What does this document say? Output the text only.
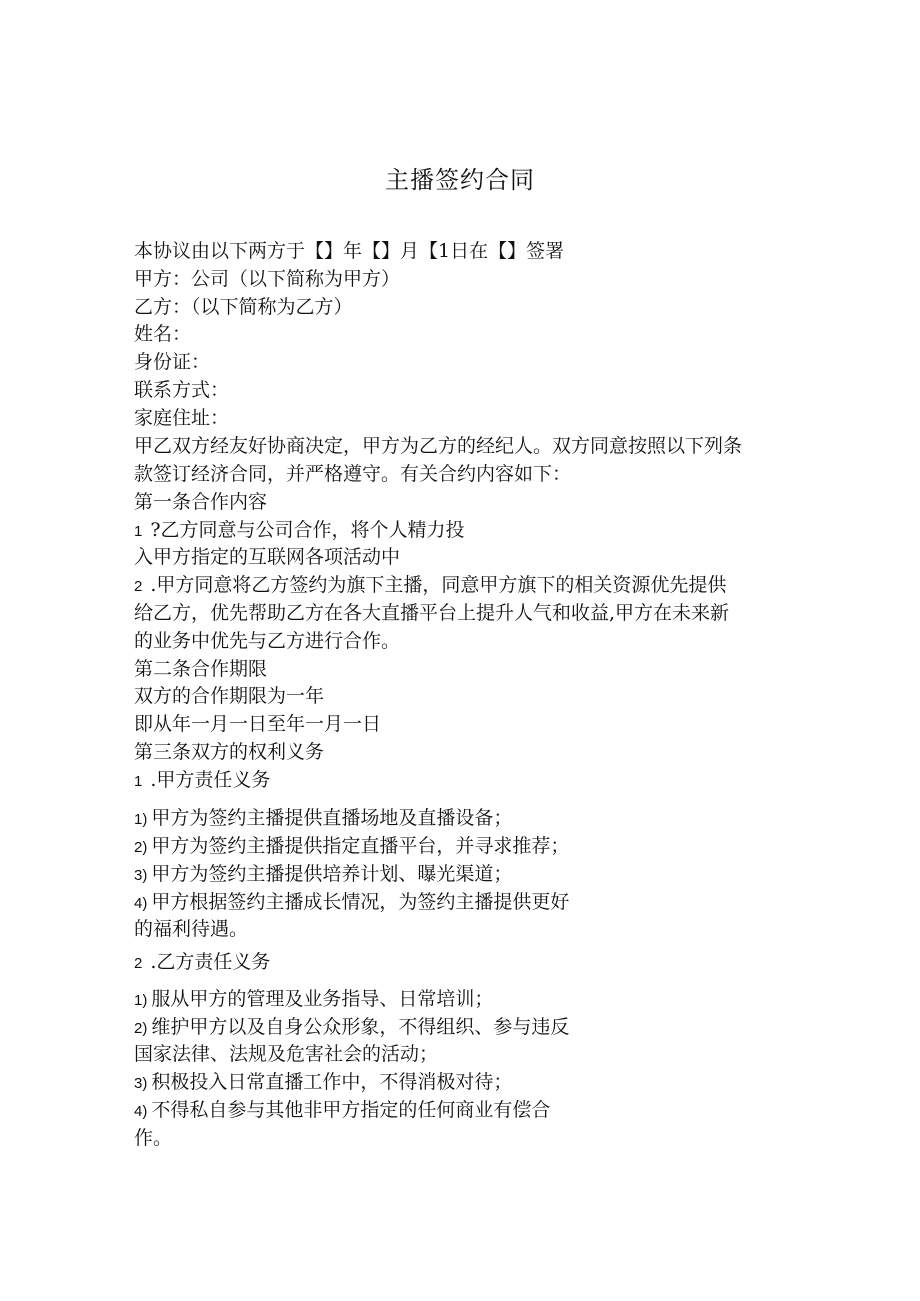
主播签约合同
本协议由以下两方于【】年【】月【1日在【】签署
甲方：公司（以下简称为甲方）
乙方：（以下简称为乙方）
姓名：
身份证：
联系方式：
家庭住址：
甲乙双方经友好协商决定，甲方为乙方的经纪人。双方同意按照以下列条
款签订经济合同，并严格遵守。有关合约内容如下：
第一条合作内容
1 ?乙方同意与公司合作，将个人精力投
入甲方指定的互联网各项活动中
2 .甲方同意将乙方签约为旗下主播，同意甲方旗下的相关资源优先提供
给乙方，优先帮助乙方在各大直播平台上提升人气和收益,甲方在未来新
的业务中优先与乙方进行合作。
第二条合作期限
双方的合作期限为一年
即从年一月一日至年一月一日
第三条双方的权利义务
1 .甲方责任义务
1) 甲方为签约主播提供直播场地及直播设备；
2) 甲方为签约主播提供指定直播平台，并寻求推荐；
3) 甲方为签约主播提供培养计划、曝光渠道；
4) 甲方根据签约主播成长情况，为签约主播提供更好
的福利待遇。
2 .乙方责任义务
1) 服从甲方的管理及业务指导、日常培训；
2) 维护甲方以及自身公众形象，不得组织、参与违反
国家法律、法规及危害社会的活动；
3) 积极投入日常直播工作中，不得消极对待；
4) 不得私自参与其他非甲方指定的任何商业有偿合
作。
